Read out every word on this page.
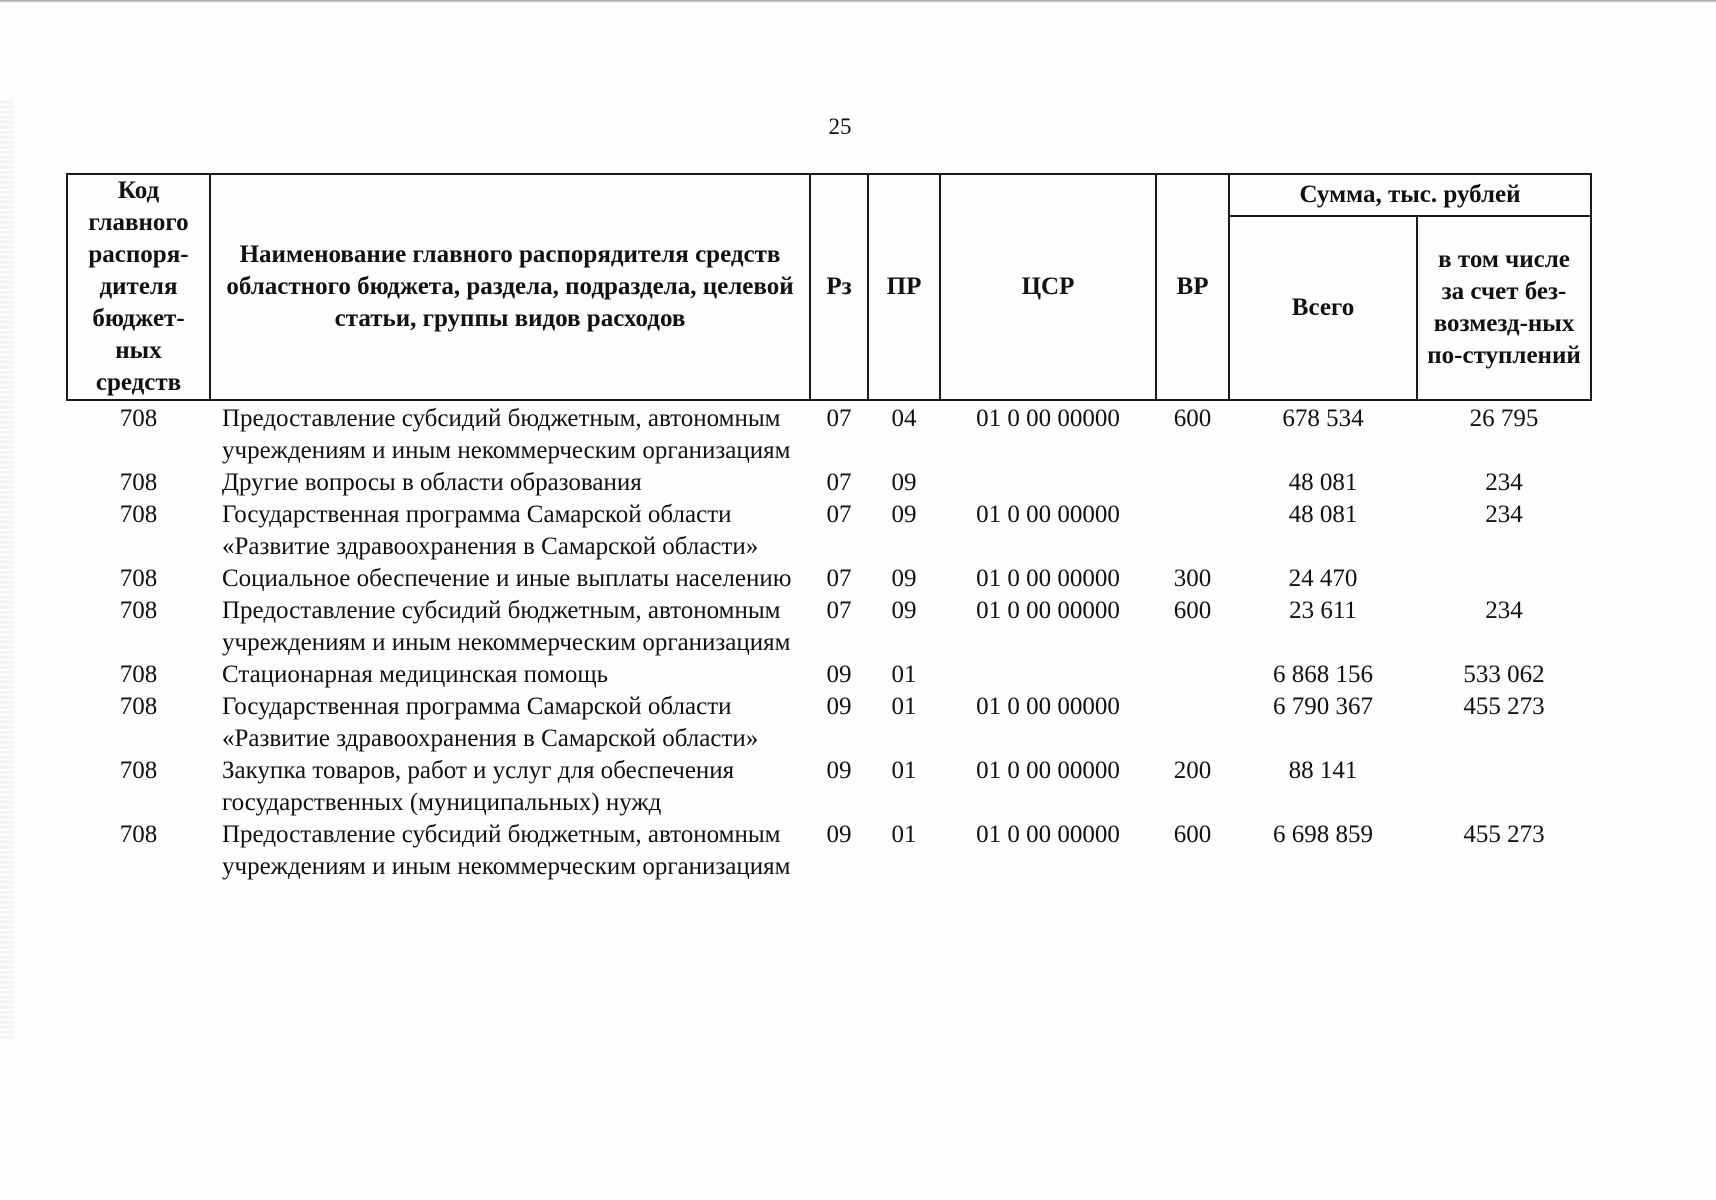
25
Код главного распоря-дителя бюджет-ных средств	Наименование главного распорядителя средств областного бюджета, раздела, подраздела, целевой статьи, группы видов расходов	Рз	ПР	ЦСР	ВР	Сумма, тыс. рублей	
						Всего	в том числе за счет без-возмезд-ных по-ступлений
708	Предоставление субсидий бюджетным, автономным учреждениям и иным некоммерческим организациям	07	04	01 0 00 00000	600	678 534	26 795
708	Другие вопросы в области образования	07	09			48 081	234
708	Государственная программа Самарской области «Развитие здравоохранения в Самарской области»	07	09	01 0 00 00000		48 081	234
708	Социальное обеспечение и иные выплаты населению	07	09	01 0 00 00000	300	24 470	
708	Предоставление субсидий бюджетным, автономным учреждениям и иным некоммерческим организациям	07	09	01 0 00 00000	600	23 611	234
708	Стационарная медицинская помощь	09	01			6 868 156	533 062
708	Государственная программа Самарской области «Развитие здравоохранения в Самарской области»	09	01	01 0 00 00000		6 790 367	455 273
708	Закупка товаров, работ и услуг для обеспечения государственных (муниципальных) нужд	09	01	01 0 00 00000	200	88 141	
708	Предоставление субсидий бюджетным, автономным учреждениям и иным некоммерческим организациям	09	01	01 0 00 00000	600	6 698 859	455 273
